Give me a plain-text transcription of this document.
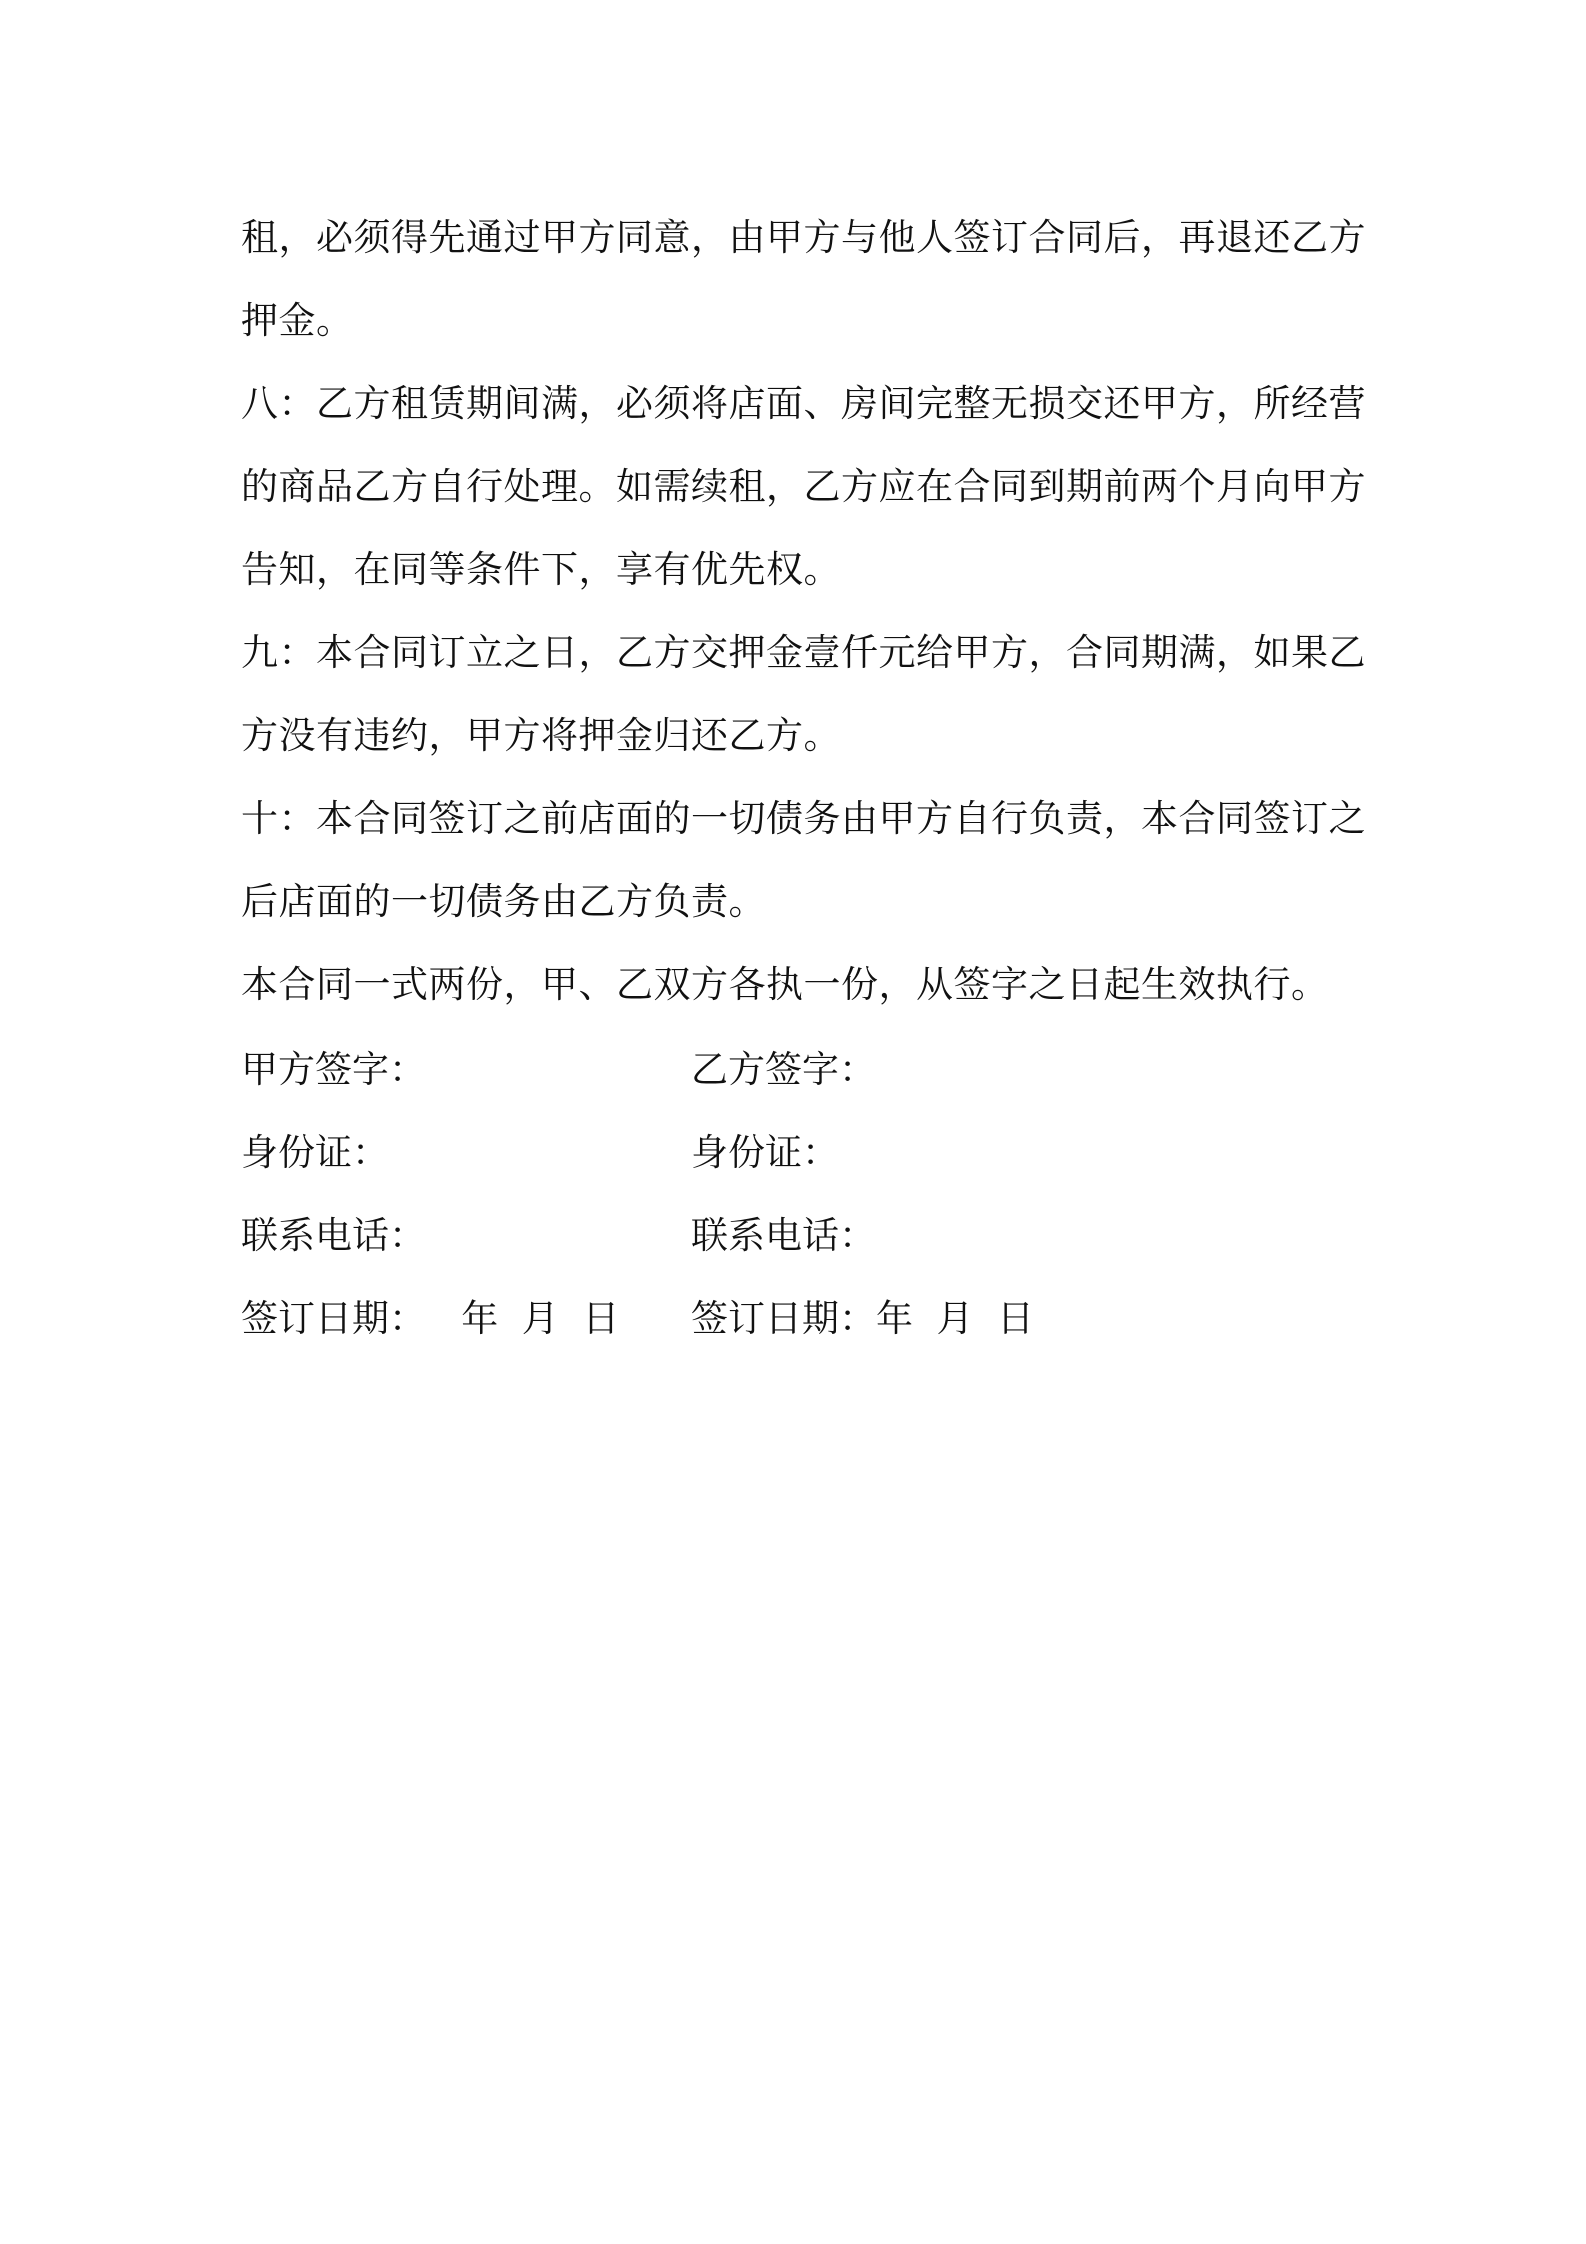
租，必须得先通过甲方同意，由甲方与他人签订合同后，再退还乙方
押金。
八：乙方租赁期间满，必须将店面、房间完整无损交还甲方，所经营
的商品乙方自行处理。如需续租，乙方应在合同到期前两个月向甲方
告知，在同等条件下，享有优先权。
九：本合同订立之日，乙方交押金壹仟元给甲方，合同期满，如果乙
方没有违约，甲方将押金归还乙方。
十：本合同签订之前店面的一切债务由甲方自行负责，本合同签订之
后店面的一切债务由乙方负责。
本合同一式两份，甲、乙双方各执一份，从签字之日起生效执行。
甲方签字：	乙方签字：
身份证：	身份证：
联系电话：	联系电话：
签订日期：   年  月  日	签订日期：年  月  日
